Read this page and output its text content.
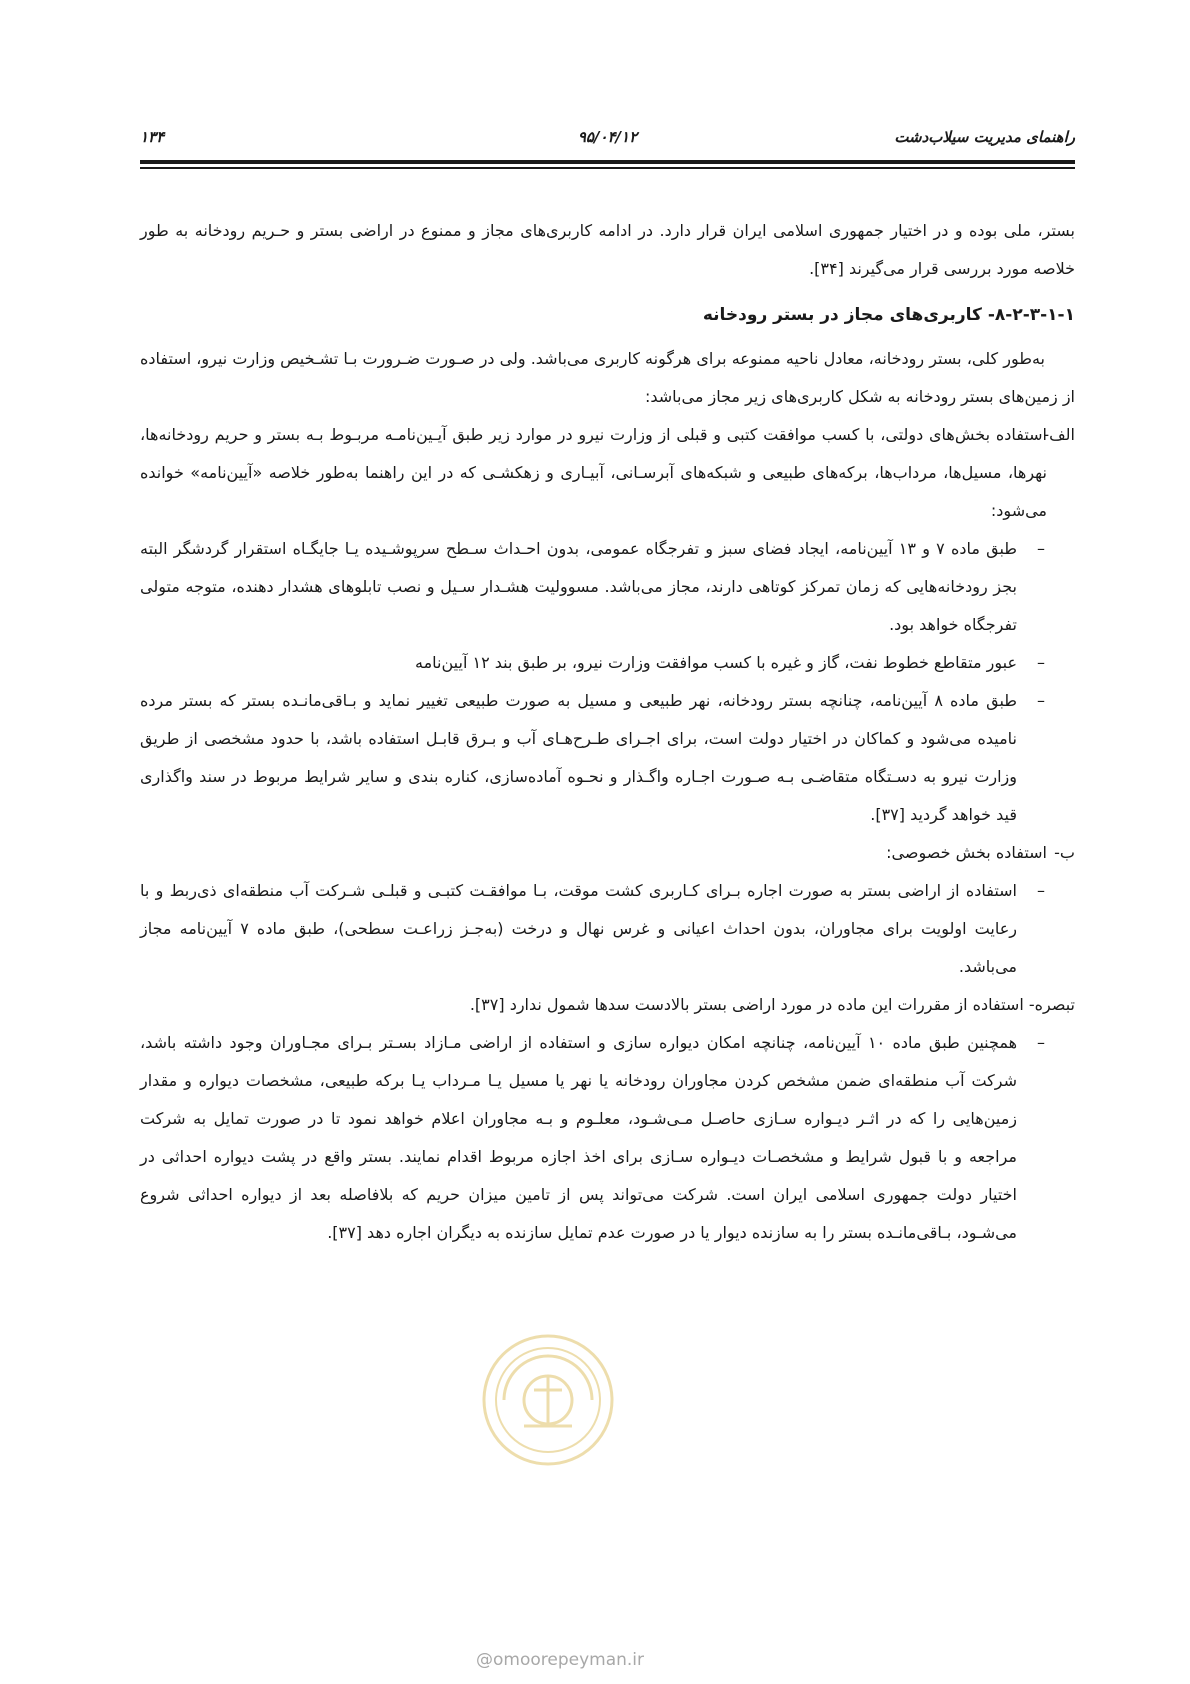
راهنمای مدیریت سیلاب‌دشت
۹۵/۰۴/۱۲
۱۳۴

بستر، ملی بوده و در اختیار جمهوری اسلامی ایران قرار دارد. در ادامه کاربری‌های مجاز و ممنوع در اراضی بستر و حـریم رودخانه به طور خلاصه مورد بررسی قرار می‌گیرند [۳۴].

۸-۲-۳-۱-۱- کاربری‌های مجاز در بستر رودخانه

به‌طور کلی، بستر رودخانه، معادل ناحیه ممنوعه برای هرگونه کاربری می‌باشد. ولی در صـورت ضـرورت بـا تشـخیص وزارت نیرو، استفاده از زمین‌های بستر رودخانه به شکل کاربری‌های زیر مجاز می‌باشد:

الف-
استفاده بخش‌های دولتی، با کسب موافقت کتبی و قبلی از وزارت نیرو در موارد زیر طبق آیـین‌نامـه مربـوط بـه بستر و حریم رودخانه‌ها، نهرها، مسیل‌ها، مرداب‌ها، برکه‌های طبیعی و شبکه‌های آبرسـانی، آبیـاری و زهکشـی که در این راهنما به‌طور خلاصه «آیین‌نامه» خوانده می‌شود:
–
طبق ماده ۷ و ۱۳ آیین‌نامه، ایجاد فضای سبز و تفرجگاه عمومی، بدون احـداث سـطح سرپوشـیده یـا جایگـاه استقرار گردشگر البته بجز رودخانه‌هایی که زمان تمرکز کوتاهی دارند، مجاز می‌باشد. مسوولیت هشـدار سـیل و نصب تابلوهای هشدار دهنده، متوجه متولی تفرجگاه خواهد بود.
–
عبور متقاطع خطوط نفت، گاز و غیره با کسب موافقت وزارت نیرو، بر طبق بند ۱۲ آیین‌نامه
–
طبق ماده ۸ آیین‌نامه، چنانچه بستر رودخانه، نهر طبیعی و مسیل به صورت طبیعی تغییر نماید و بـاقی‌مانـده بستر که بستر مرده نامیده می‌شود و کماکان در اختیار دولت است، برای اجـرای طـرح‌هـای آب و بـرق قابـل استفاده باشد، با حدود مشخصی از طریق وزارت نیرو به دسـتگاه متقاضـی بـه صـورت اجـاره واگـذار و نحـوه آماده‌سازی، کناره بندی و سایر شرایط مربوط در سند واگذاری قید خواهد گردید [۳۷].
ب-
استفاده بخش خصوصی:
–
استفاده از اراضی بستر به صورت اجاره بـرای کـاربری کشت موقت، بـا موافقـت کتبـی و قبلـی شـرکت آب منطقه‌ای ذی‌ربط و با رعایت اولویت برای مجاوران، بدون احداث اعیانی و غرس نهال و درخت (به‌جـز زراعـت سطحی)، طبق ماده ۷ آیین‌نامه مجاز می‌باشد.

تبصره- استفاده از مقررات این ماده در مورد اراضی بستر بالادست سدها شمول ندارد [۳۷].

–
همچنین طبق ماده ۱۰ آیین‌نامه، چنانچه امکان دیواره سازی و استفاده از اراضی مـازاد بسـتر بـرای مجـاوران وجود داشته باشد، شرکت آب منطقه‌ای ضمن مشخص کردن مجاوران رودخانه یا نهر یا مسیل یـا مـرداب یـا برکه طبیعی، مشخصات دیواره و مقدار زمین‌هایی را که در اثـر دیـواره سـازی حاصـل مـی‌شـود، معلـوم و بـه مجاوران اعلام خواهد نمود تا در صورت تمایل به شرکت مراجعه و با قبول شرایط و مشخصـات دیـواره سـازی برای اخذ اجازه مربوط اقدام نمایند. بستر واقع در پشت دیواره احداثی در اختیار دولت جمهوری اسلامی ایران است. شرکت می‌تواند پس از تامین میزان حریم که بلافاصله بعد از دیواره احداثی شروع می‌شـود، بـاقی‌مانـده بستر را به سازنده دیوار یا در صورت عدم تمایل سازنده به دیگران اجاره دهد [۳۷].
@omoorepeyman.ir
